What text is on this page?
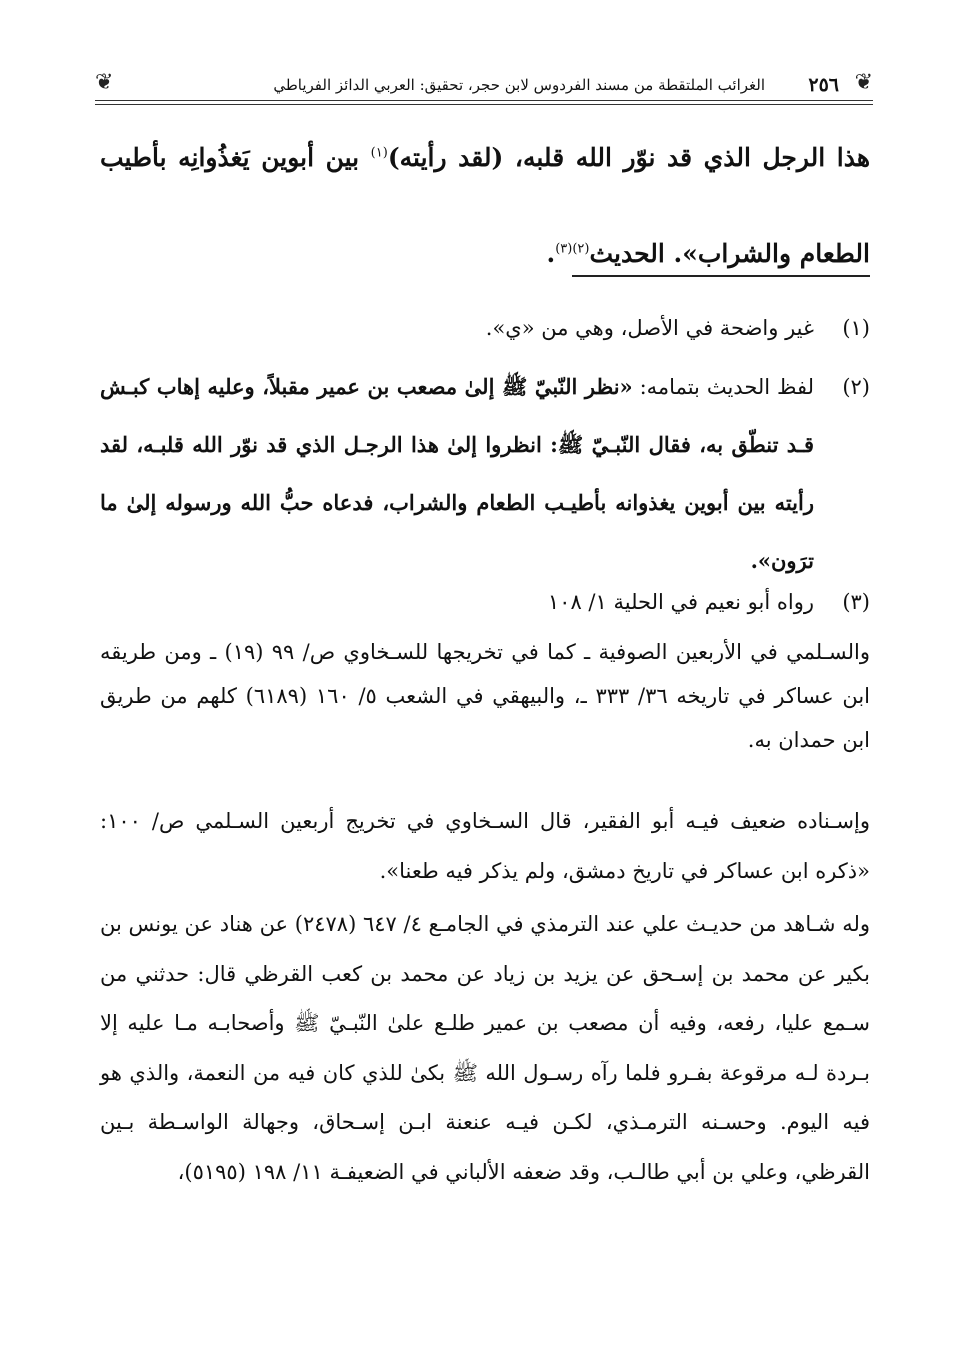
❦
٢٥٦
الغرائب الملتقطة من مسند الفردوس لابن حجر، تحقيق: العربي الدائز الفرياطي
❦
هذا الرجل الذي قد نوّر الله قلبه، (لقد رأيته)$^{(١)}$ بين أبوين يَغذُوانِه بأطيب
الطعام والشراب». الحديث$^{(٢)(٣)}$.
(١)
غير واضحة في الأصل، وهي من «ي».
(٢)
لفظ الحديث بتمامه: «نظر النّبيّ ﷺ إلىٰ مصعب بن عمير مقبلاً، وعليه إهاب كبـش قـد تنطّق به، فقال النّبـيّ ﷺ: انظروا إلىٰ هذا الرجـل الذي قد نوّر الله قلبـه، لقد رأيته بين أبوين يغذوانه بأطيـب الطعام والشراب، فدعاه حبُّ الله ورسوله إلىٰ ما ترَون».
(٣)
رواه أبو نعيم في الحلية ١/ ١٠٨
والسـلمي في الأربعين الصوفية ـ كما في تخريجها للسـخاوي ص/ ٩٩ (١٩) ـ ومن طريقه ابن عساكر في تاريخه ٣٦/ ٣٣٣ ـ، والبيهقي في الشعب ٥/ ١٦٠ (٦١٨٩) كلهم من طريق ابن حمدان به.
وإسـناده ضعيف فيـه أبو الفقير، قال السـخاوي في تخريج أربعين السـلمي ص/ ١٠٠: «ذكره ابن عساكر في تاريخ دمشق، ولم يذكر فيه طعنا».
وله شـاهد من حديـث علي عند الترمذي في الجامـع ٤/ ٦٤٧ (٢٤٧٨) عن هناد عن يونس بن بكير عن محمد بن إسـحق عن يزيد بن زياد عن محمد بن كعب القرظي قال: حدثني من سـمع عليا، رفعه، وفيه أن مصعب بن عمير طلـع علىٰ النّبـيّ ﷺ وأصحابـه مـا عليه إلا بـردة لـه مرقوعة بفـرو فلما رآه رسـول الله ﷺ بكىٰ للذي كان فيه من النعمة، والذي هو فيه اليوم. وحسـنه الترمـذي، لكـن فيـه عنعنة ابـن إسـحاق، وجهالة الواسـطة بـين القرظي، وعلي بن أبي طالـب، وقد ضعفه الألباني في الضعيفـة ١١/ ١٩٨ (٥١٩٥)،
